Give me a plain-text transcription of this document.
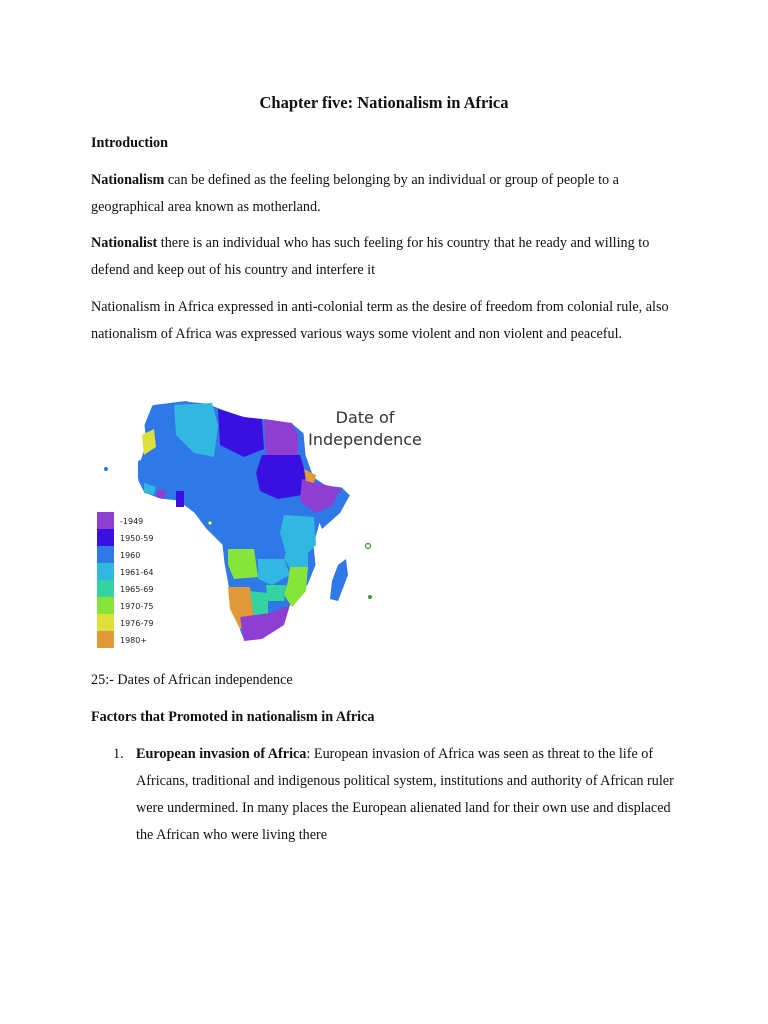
Chapter five: Nationalism in Africa
Introduction
Nationalism can be defined as the feeling belonging by an individual or group of people to a geographical area known as motherland.
Nationalist there is an individual who has such feeling for his country that he ready and willing to defend and keep out of his country and interfere it
Nationalism in Africa expressed in anti-colonial term as the desire of freedom from colonial rule, also nationalism of Africa was expressed various ways some violent and non violent and peaceful.
-1949
1950-59
1960
1961-64
1965-69
1970-75
1976-79
1980+
Date of
Independence
25:- Dates of African independence
Factors that Promoted in nationalism in Africa
1. European invasion of Africa: European invasion of Africa was seen as threat to the life of Africans, traditional and indigenous political system, institutions and authority of African ruler were undermined. In many places the European alienated land for their own use and displaced the African who were living there
